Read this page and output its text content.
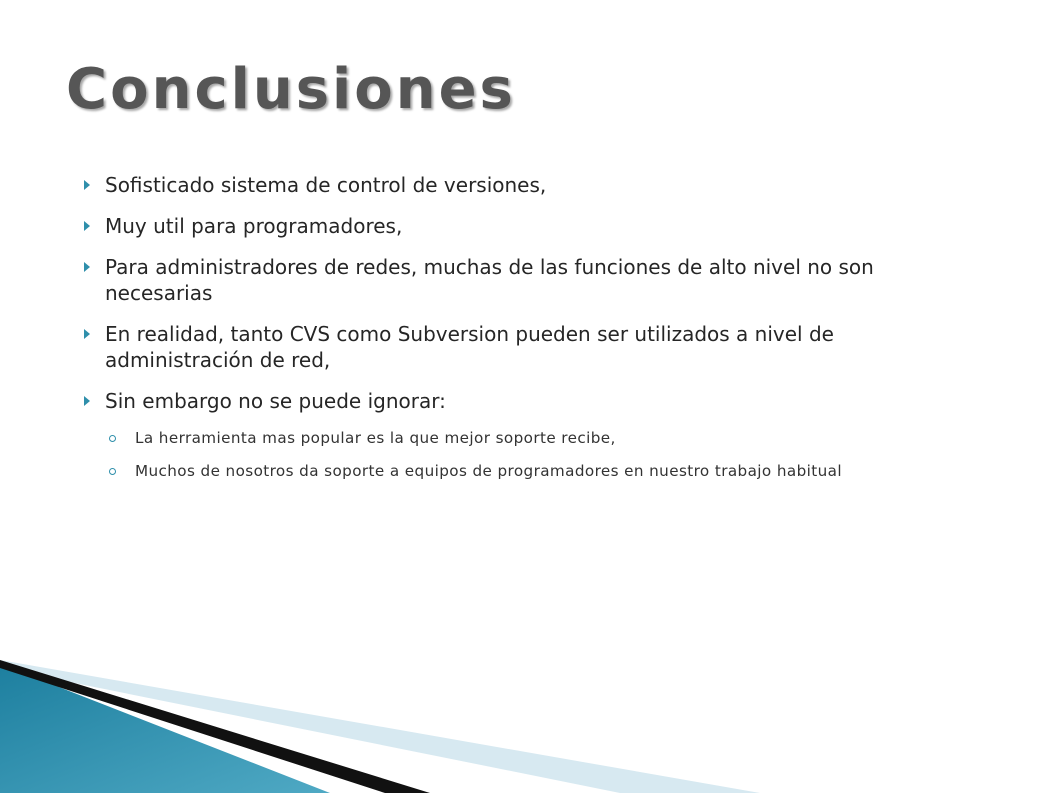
Conclusiones
Sofisticado sistema de control de versiones,
Muy util para programadores,
Para administradores de redes, muchas de las funciones de alto nivel no son necesarias
En realidad, tanto CVS como Subversion pueden ser utilizados a nivel de administración de red,
Sin embargo no se puede ignorar:
La herramienta mas popular es la que mejor soporte recibe,
Muchos de nosotros da soporte a equipos de programadores en nuestro trabajo habitual
